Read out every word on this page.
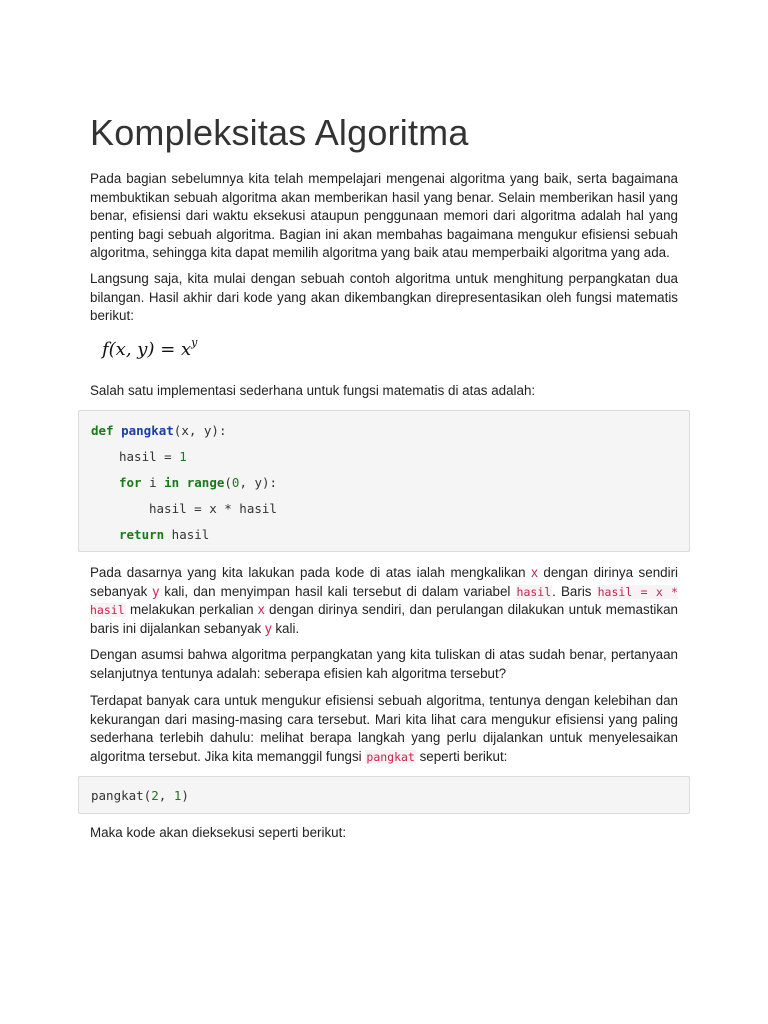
Kompleksitas Algoritma

Pada bagian sebelumnya kita telah mempelajari mengenai algoritma yang baik, serta bagaimana membuktikan sebuah algoritma akan memberikan hasil yang benar. Selain memberikan hasil yang benar, efisiensi dari waktu eksekusi ataupun penggunaan memori dari algoritma adalah hal yang penting bagi sebuah algoritma. Bagian ini akan membahas bagaimana mengukur efisiensi sebuah algoritma, sehingga kita dapat memilih algoritma yang baik atau memperbaiki algoritma yang ada.

Langsung saja, kita mulai dengan sebuah contoh algoritma untuk menghitung perpangkatan dua bilangan. Hasil akhir dari kode yang akan dikembangkan direpresentasikan oleh fungsi matematis berikut:

f(x, $y) = x^y$

Salah satu implementasi sederhana untuk fungsi matematis di atas adalah:

def pangkat(x, y):
hasil = 1
for i in range(0, y):
hasil = x * hasil
return hasil

Pada dasarnya yang kita lakukan pada kode di atas ialah mengkalikan x dengan dirinya sendiri sebanyak y kali, dan menyimpan hasil kali tersebut di dalam variabel hasil. Baris hasil = x * hasil melakukan perkalian x dengan dirinya sendiri, dan perulangan dilakukan untuk memastikan baris ini dijalankan sebanyak y kali.

Dengan asumsi bahwa algoritma perpangkatan yang kita tuliskan di atas sudah benar, pertanyaan selanjutnya tentunya adalah: seberapa efisien kah algoritma tersebut?

Terdapat banyak cara untuk mengukur efisiensi sebuah algoritma, tentunya dengan kelebihan dan kekurangan dari masing-masing cara tersebut. Mari kita lihat cara mengukur efisiensi yang paling sederhana terlebih dahulu: melihat berapa langkah yang perlu dijalankan untuk menyelesaikan algoritma tersebut. Jika kita memanggil fungsi pangkat seperti berikut:

pangkat(2, 1)

Maka kode akan dieksekusi seperti berikut:
